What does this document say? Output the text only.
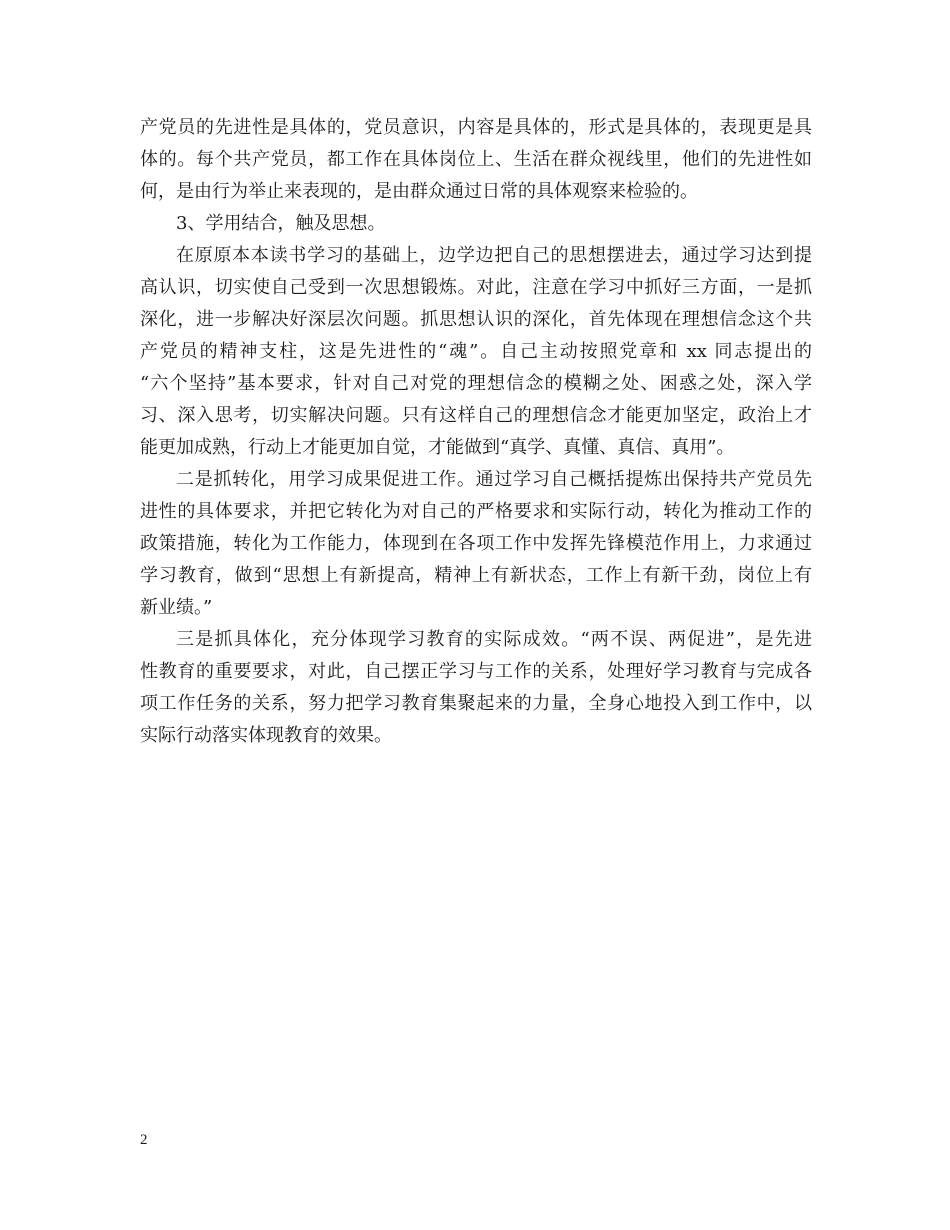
产党员的先进性是具体的，党员意识，内容是具体的，形式是具体的，表现更是具
体的。每个共产党员，都工作在具体岗位上、生活在群众视线里，他们的先进性如
何，是由行为举止来表现的，是由群众通过日常的具体观察来检验的。
3、学用结合，触及思想。
在原原本本读书学习的基础上，边学边把自己的思想摆进去，通过学习达到提
高认识，切实使自己受到一次思想锻炼。对此，注意在学习中抓好三方面，一是抓
深化，进一步解决好深层次问题。抓思想认识的深化，首先体现在理想信念这个共
产党员的精神支柱，这是先进性的“魂”。自己主动按照党章和 xx 同志提出的
“六个坚持”基本要求，针对自己对党的理想信念的模糊之处、困惑之处，深入学
习、深入思考，切实解决问题。只有这样自己的理想信念才能更加坚定，政治上才
能更加成熟，行动上才能更加自觉，才能做到“真学、真懂、真信、真用”。
二是抓转化，用学习成果促进工作。通过学习自己概括提炼出保持共产党员先
进性的具体要求，并把它转化为对自己的严格要求和实际行动，转化为推动工作的
政策措施，转化为工作能力，体现到在各项工作中发挥先锋模范作用上，力求通过
学习教育，做到“思想上有新提高，精神上有新状态，工作上有新干劲，岗位上有
新业绩。”
三是抓具体化，充分体现学习教育的实际成效。“两不误、两促进”，是先进
性教育的重要要求，对此，自己摆正学习与工作的关系，处理好学习教育与完成各
项工作任务的关系，努力把学习教育集聚起来的力量，全身心地投入到工作中，以
实际行动落实体现教育的效果。
2
